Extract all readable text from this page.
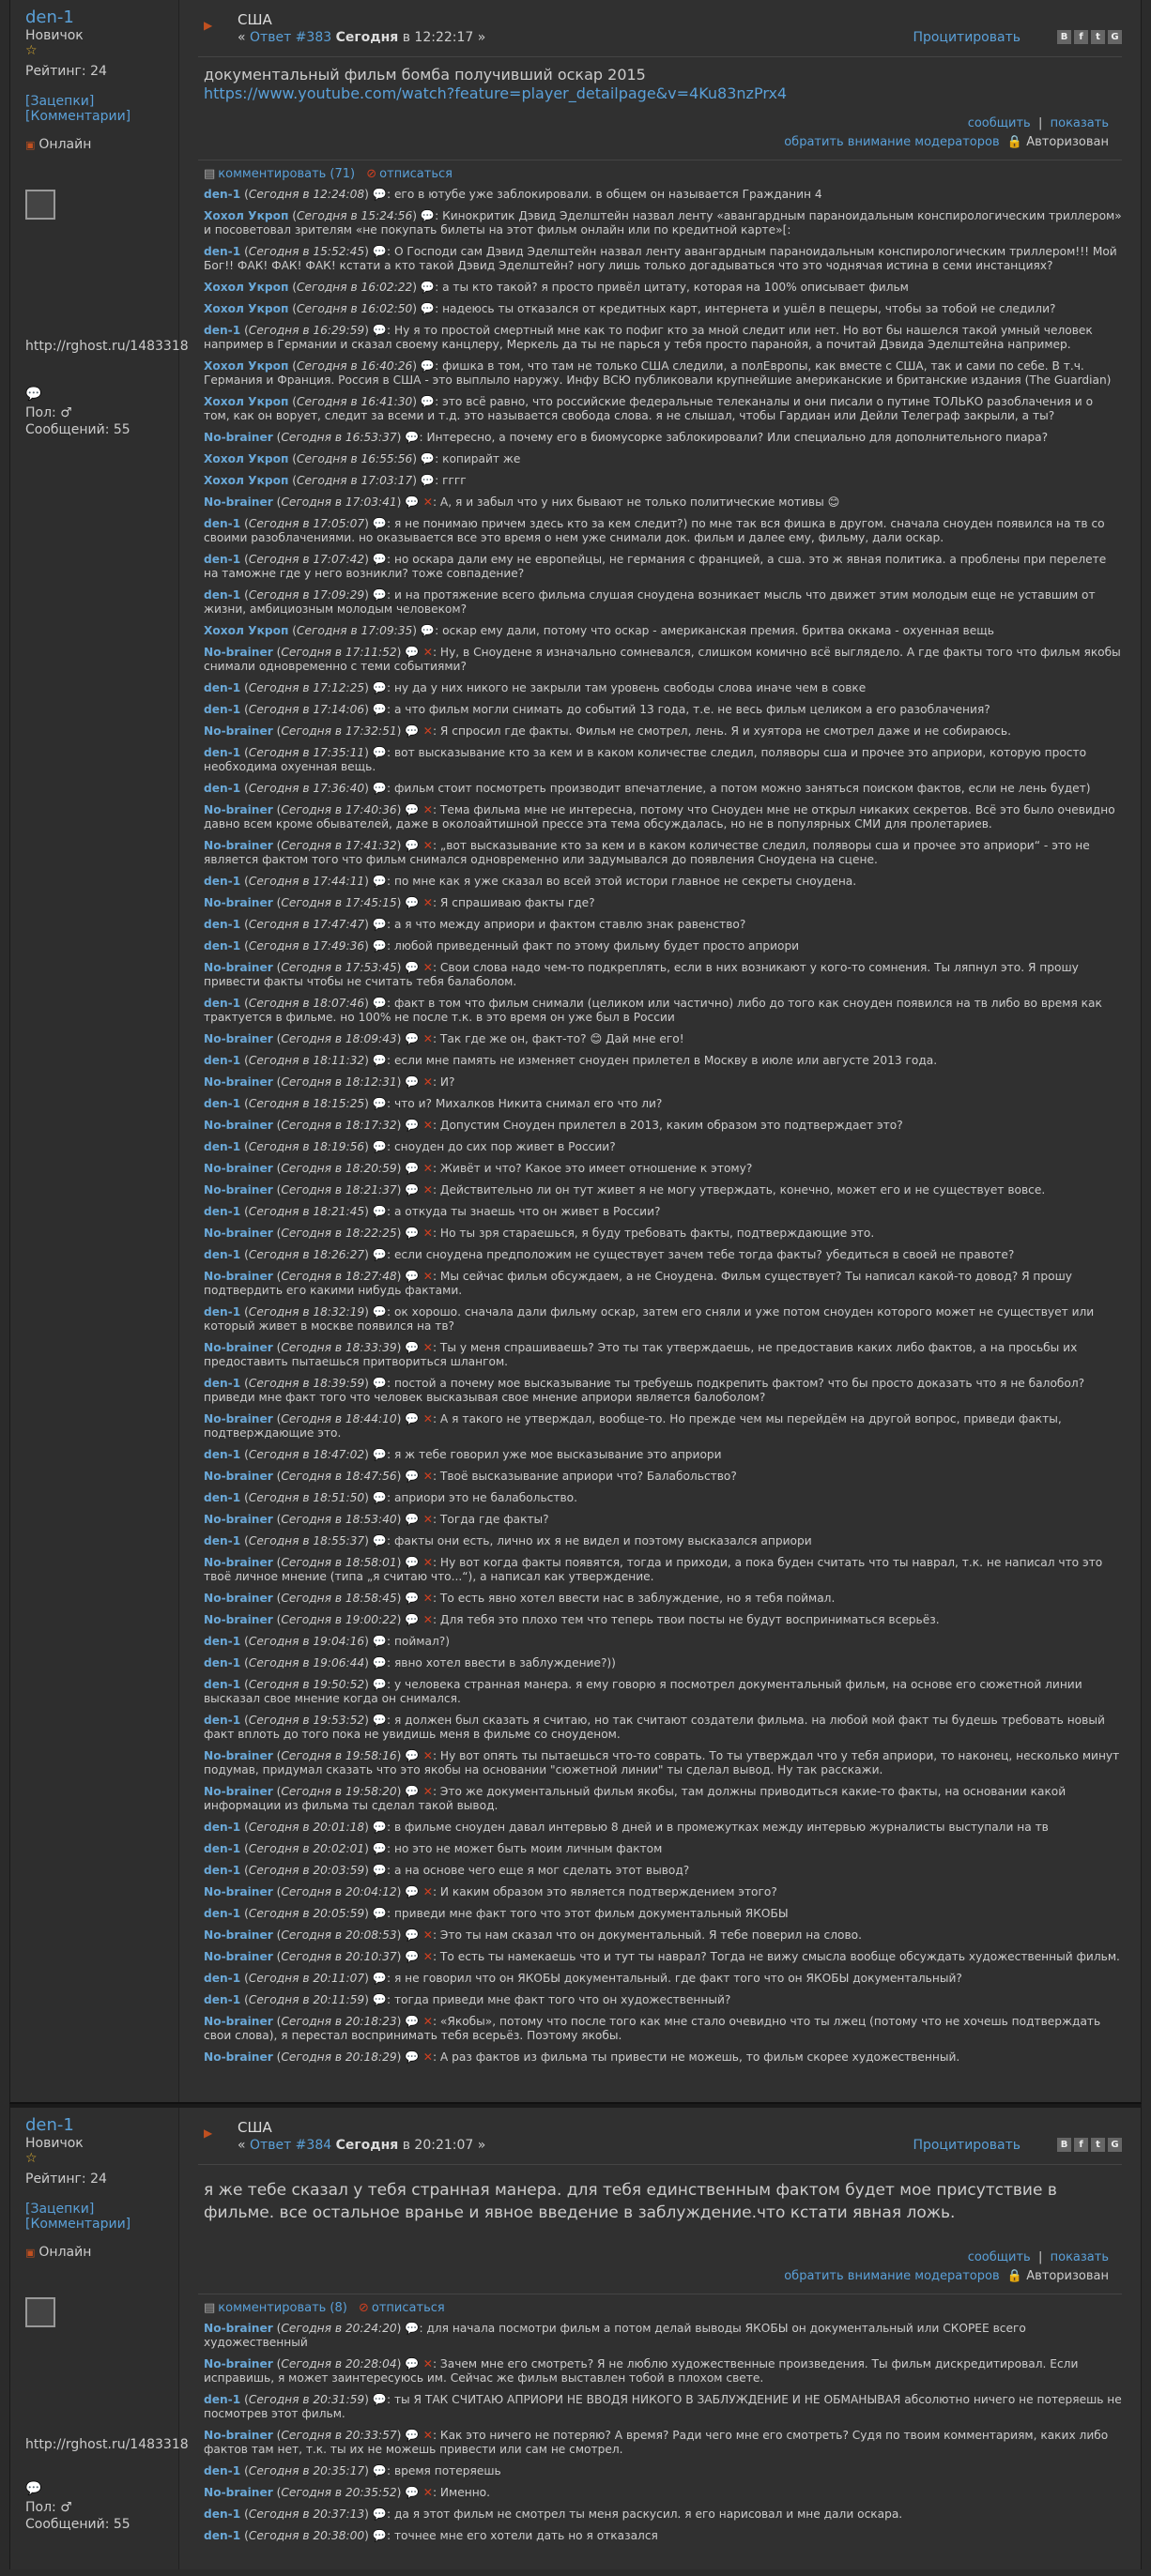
den-1
Новичок
☆
Рейтинг: 24
[Зацепки]
[Комментарии]
▣ Онлайн
http://rghost.ru/1483318
💬
Пол: ♂
Сообщений: 55
▶ США
« Ответ #383 Сегодня в 12:22:17 »	Процитировать	B	f	t	G
документальный фильм бомба получивший оскар 2015
https://www.youtube.com/watch?feature=player_detailpage&v=4Ku83nzPrx4
сообщить  |  показать
обратить внимание модераторов 🔒 Авторизован
▤ комментировать (71) ⊘ отписаться
den-1 (Сегодня в 12:24:08) 💬: его в ютубе уже заблокировали. в общем он называется Гражданин 4
Хохол Укроп (Сегодня в 15:24:56) 💬: Кинокритик Дэвид Эделштейн назвал ленту «авангардным параноидальным конспирологическим триллером» и посоветовал зрителям «не покупать билеты на этот фильм онлайн или по кредитной карте»[:
den-1 (Сегодня в 15:52:45) 💬: О Господи сам Дэвид Эделштейн назвал ленту авангардным параноидальным конспирологическим триллером!!! Мой Бог!! ФАК! ФАК! ФАК! кстати а кто такой Дэвид Эделштейн? ногу лишь только догадываться что это чоднячая истина в семи инстанциях?
Хохол Укроп (Сегодня в 16:02:22) 💬: а ты кто такой? я просто привёл цитату, которая на 100% описывает фильм
Хохол Укроп (Сегодня в 16:02:50) 💬: надеюсь ты отказался от кредитных карт, интернета и ушёл в пещеры, чтобы за тобой не следили?
den-1 (Сегодня в 16:29:59) 💬: Ну я то простой смертный мне как то пофиг кто за мной следит или нет. Но вот бы нашелся такой умный человек например в Германии и сказал своему канцлеру, Меркель да ты не парься у тебя просто паранойя, а почитай Дэвида Эделштейна например.
Хохол Укроп (Сегодня в 16:40:26) 💬: фишка в том, что там не только США следили, а полЕвропы, как вместе с США, так и сами по себе. В т.ч. Германия и Франция. Россия в США - это выплыло наружу. Инфу ВСЮ публиковали крупнейшие американские и британские издания (The Guardian)
Хохол Укроп (Сегодня в 16:41:30) 💬: это всё равно, что российские федеральные телеканалы и они писали о путине ТОЛЬКО разоблачения и о том, как он ворует, следит за всеми и т.д. это называется свобода слова. я не слышал, чтобы Гардиан или Дейли Телеграф закрыли, а ты?
No-brainer (Сегодня в 16:53:37) 💬: Интересно, а почему его в биомусорке заблокировали? Или специально для дополнительного пиара?
Хохол Укроп (Сегодня в 16:55:56) 💬: копирайт же
Хохол Укроп (Сегодня в 17:03:17) 💬: гггг
No-brainer (Сегодня в 17:03:41) 💬 ✕: А, я и забыл что у них бывают не только политические мотивы 😊
den-1 (Сегодня в 17:05:07) 💬: я не понимаю причем здесь кто за кем следит?) по мне так вся фишка в другом. сначала сноуден появился на тв со своими разоблачениями. но оказывается все это время о нем уже снимали док. фильм и далее ему, фильму, дали оскар.
den-1 (Сегодня в 17:07:42) 💬: но оскара дали ему не европейцы, не германия с францией, а сша. это ж явная политика. а проблены при перелете на таможне где у него возникли? тоже совпадение?
den-1 (Сегодня в 17:09:29) 💬: и на протяжение всего фильма слушая сноудена возникает мысль что движет этим молодым еще не уставшим от жизни, амбициозным молодым человеком?
Хохол Укроп (Сегодня в 17:09:35) 💬: оскар ему дали, потому что оскар - американская премия. бритва оккама - охуенная вещь
No-brainer (Сегодня в 17:11:52) 💬 ✕: Ну, в Сноудене я изначально сомневался, слишком комично всё выглядело. А где факты того что фильм якобы снимали одновременно с теми событиями?
den-1 (Сегодня в 17:12:25) 💬: ну да у них никого не закрыли там уровень свободы слова иначе чем в совке
den-1 (Сегодня в 17:14:06) 💬: а что фильм могли снимать до событий 13 года, т.е. не весь фильм целиком а его разоблачения?
No-brainer (Сегодня в 17:32:51) 💬 ✕: Я спросил где факты. Фильм не смотрел, лень. Я и хуятора не смотрел даже и не собираюсь.
den-1 (Сегодня в 17:35:11) 💬: вот высказывание кто за кем и в каком количестве следил, поляворы сша и прочее это априори, которую просто необходима охуенная вещь.
den-1 (Сегодня в 17:36:40) 💬: фильм стоит посмотреть производит впечатление, а потом можно заняться поиском фактов, если не лень будет)
No-brainer (Сегодня в 17:40:36) 💬 ✕: Тема фильма мне не интересна, потому что Сноуден мне не открыл никаких секретов. Всё это было очевидно давно всем кроме обывателей, даже в околоайтишной прессе эта тема обсуждалась, но не в популярных СМИ для пролетариев.
No-brainer (Сегодня в 17:41:32) 💬 ✕: „вот высказывание кто за кем и в каком количестве следил, поляворы сша и прочее это априори“ - это не является фактом того что фильм снимался одновременно или задумывался до появления Сноудена на сцене.
den-1 (Сегодня в 17:44:11) 💬: по мне как я уже сказал во всей этой истори главное не секреты сноудена.
No-brainer (Сегодня в 17:45:15) 💬 ✕: Я спрашиваю факты где?
den-1 (Сегодня в 17:47:47) 💬: а я что между априори и фактом ставлю знак равенство?
den-1 (Сегодня в 17:49:36) 💬: любой приведенный факт по этому фильму будет просто априори
No-brainer (Сегодня в 17:53:45) 💬 ✕: Свои слова надо чем-то подкреплять, если в них возникают у кого-то сомнения. Ты ляпнул это. Я прошу привести факты чтобы не считать тебя балаболом.
den-1 (Сегодня в 18:07:46) 💬: факт в том что фильм снимали (целиком или частично) либо до того как сноуден появился на тв либо во время как трактуется в фильме. но 100% не после т.к. в это время он уже был в России
No-brainer (Сегодня в 18:09:43) 💬 ✕: Так где же он, факт-то? 😊 Дай мне его!
den-1 (Сегодня в 18:11:32) 💬: если мне память не изменяет сноуден прилетел в Москву в июле или августе 2013 года.
No-brainer (Сегодня в 18:12:31) 💬 ✕: И?
den-1 (Сегодня в 18:15:25) 💬: что и? Михалков Никита снимал его что ли?
No-brainer (Сегодня в 18:17:32) 💬 ✕: Допустим Сноуден прилетел в 2013, каким образом это подтверждает это?
den-1 (Сегодня в 18:19:56) 💬: сноуден до сих пор живет в России?
No-brainer (Сегодня в 18:20:59) 💬 ✕: Живёт и что? Какое это имеет отношение к этому?
No-brainer (Сегодня в 18:21:37) 💬 ✕: Действительно ли он тут живет я не могу утверждать, конечно, может его и не существует вовсе.
den-1 (Сегодня в 18:21:45) 💬: а откуда ты знаешь что он живет в России?
No-brainer (Сегодня в 18:22:25) 💬 ✕: Но ты зря стараешься, я буду требовать факты, подтверждающие это.
den-1 (Сегодня в 18:26:27) 💬: если сноудена предположим не существует зачем тебе тогда факты? убедиться в своей не правоте?
No-brainer (Сегодня в 18:27:48) 💬 ✕: Мы сейчас фильм обсуждаем, а не Сноудена. Фильм существует? Ты написал какой-то довод? Я прошу подтвердить его какими нибудь фактами.
den-1 (Сегодня в 18:32:19) 💬: ок хорошо. сначала дали фильму оскар, затем его сняли и уже потом сноуден которого может не существует или который живет в москве появился на тв?
No-brainer (Сегодня в 18:33:39) 💬 ✕: Ты у меня спрашиваешь? Это ты так утверждаешь, не предоставив каких либо фактов, а на просьбы их предоставить пытаешься притвориться шлангом.
den-1 (Сегодня в 18:39:59) 💬: постой а почему мое высказывание ты требуешь подкрепить фактом? что бы просто доказать что я не балобол?приведи мне факт того что человек высказывая свое мнение априори является балоболом?
No-brainer (Сегодня в 18:44:10) 💬 ✕: А я такого не утверждал, вообще-то. Но прежде чем мы перейдём на другой вопрос, приведи факты, подтверждающие это.
den-1 (Сегодня в 18:47:02) 💬: я ж тебе говорил уже мое высказывание это априори
No-brainer (Сегодня в 18:47:56) 💬 ✕: Твоё высказывание априори что? Балабольство?
den-1 (Сегодня в 18:51:50) 💬: априори это не балабольство.
No-brainer (Сегодня в 18:53:40) 💬 ✕: Тогда где факты?
den-1 (Сегодня в 18:55:37) 💬: факты они есть, лично их я не видел и поэтому высказался априори
No-brainer (Сегодня в 18:58:01) 💬 ✕: Ну вот когда факты появятся, тогда и приходи, а пока буден считать что ты наврал, т.к. не написал что это твоё личное мнение (типа „я считаю что...“), а написал как утверждение.
No-brainer (Сегодня в 18:58:45) 💬 ✕: То есть явно хотел ввести нас в заблуждение, но я тебя поймал.
No-brainer (Сегодня в 19:00:22) 💬 ✕: Для тебя это плохо тем что теперь твои посты не будут восприниматься всерьёз.
den-1 (Сегодня в 19:04:16) 💬: поймал?)
den-1 (Сегодня в 19:06:44) 💬: явно хотел ввести в заблуждение?))
den-1 (Сегодня в 19:50:52) 💬: у человека странная манера. я ему говорю я посмотрел документальный фильм, на основе его сюжетной линии высказал свое мнение когда он снимался.
den-1 (Сегодня в 19:53:52) 💬: я должен был сказать я считаю, но так считают создатели фильма. на любой мой факт ты будешь требовать новый факт вплоть до того пока не увидишь меня в фильме со сноуденом.
No-brainer (Сегодня в 19:58:16) 💬 ✕: Ну вот опять ты пытаешься что-то соврать. То ты утверждал что у тебя априори, то наконец, несколько минут подумав, придумал сказать что это якобы на основании "сюжетной линии" ты сделал вывод. Ну так расскажи.
No-brainer (Сегодня в 19:58:20) 💬 ✕: Это же документальный фильм якобы, там должны приводиться какие-то факты, на основании какой информации из фильма ты сделал такой вывод.
den-1 (Сегодня в 20:01:18) 💬: в фильме сноуден давал интервью 8 дней и в промежутках между интервью журналисты выступали на тв
den-1 (Сегодня в 20:02:01) 💬: но это не может быть моим личным фактом
den-1 (Сегодня в 20:03:59) 💬: а на основе чего еще я мог сделать этот вывод?
No-brainer (Сегодня в 20:04:12) 💬 ✕: И каким образом это является подтверждением этого?
den-1 (Сегодня в 20:05:59) 💬: приведи мне факт того что этот фильм документальный ЯКОБЫ
No-brainer (Сегодня в 20:08:53) 💬 ✕: Это ты нам сказал что он документальный. Я тебе поверил на слово.
No-brainer (Сегодня в 20:10:37) 💬 ✕: То есть ты намекаешь что и тут ты наврал? Тогда не вижу смысла вообще обсуждать художественный фильм.
den-1 (Сегодня в 20:11:07) 💬: я не говорил что он ЯКОБЫ документальный. где факт того что он ЯКОБЫ документальный?
den-1 (Сегодня в 20:11:59) 💬: тогда приведи мне факт того что он художественный?
No-brainer (Сегодня в 20:18:23) 💬 ✕: «Якобы», потому что после того как мне стало очевидно что ты лжец (потому что не хочешь подтверждать свои слова), я перестал воспринимать тебя всерьёз. Поэтому якобы.
No-brainer (Сегодня в 20:18:29) 💬 ✕: А раз фактов из фильма ты привести не можешь, то фильм скорее художественный.
den-1
Новичок
☆
Рейтинг: 24
[Зацепки]
[Комментарии]
▣ Онлайн
http://rghost.ru/1483318
💬
Пол: ♂
Сообщений: 55
▶ США
« Ответ #384 Сегодня в 20:21:07 »	Процитировать	B	f	t	G
я же тебе сказал у тебя странная манера. для тебя единственным фактом будет мое присутствие в фильме. все остальное вранье и явное введение в заблуждение.что кстати явная ложь.
сообщить  |  показать
обратить внимание модераторов 🔒 Авторизован
▤ комментировать (8) ⊘ отписаться
No-brainer (Сегодня в 20:24:20) 💬: для начала посмотри фильм а потом делай выводы ЯКОБЫ он документальный или СКОРЕЕ всего художественный
No-brainer (Сегодня в 20:28:04) 💬 ✕: Зачем мне его смотреть? Я не люблю художественные произведения. Ты фильм дискредитировал. Если исправишь, я может заинтересуюсь им. Сейчас же фильм выставлен тобой в плохом свете.
den-1 (Сегодня в 20:31:59) 💬: ты Я ТАК СЧИТАЮ АПРИОРИ НЕ ВВОДЯ НИКОГО В ЗАБЛУЖДЕНИЕ И НЕ ОБМАНЫВАЯ абсолютно ничего не потеряешь не посмотрев этот фильм.
No-brainer (Сегодня в 20:33:57) 💬 ✕: Как это ничего не потеряю? А время? Ради чего мне его смотреть? Судя по твоим комментариям, каких либо фактов там нет, т.к. ты их не можешь привести или сам не смотрел.
den-1 (Сегодня в 20:35:17) 💬: время потеряешь
No-brainer (Сегодня в 20:35:52) 💬 ✕: Именно.
den-1 (Сегодня в 20:37:13) 💬: да я этот фильм не смотрел ты меня раскусил. я его нарисовал и мне дали оскара.
den-1 (Сегодня в 20:38:00) 💬: точнее мне его хотели дать но я отказался
